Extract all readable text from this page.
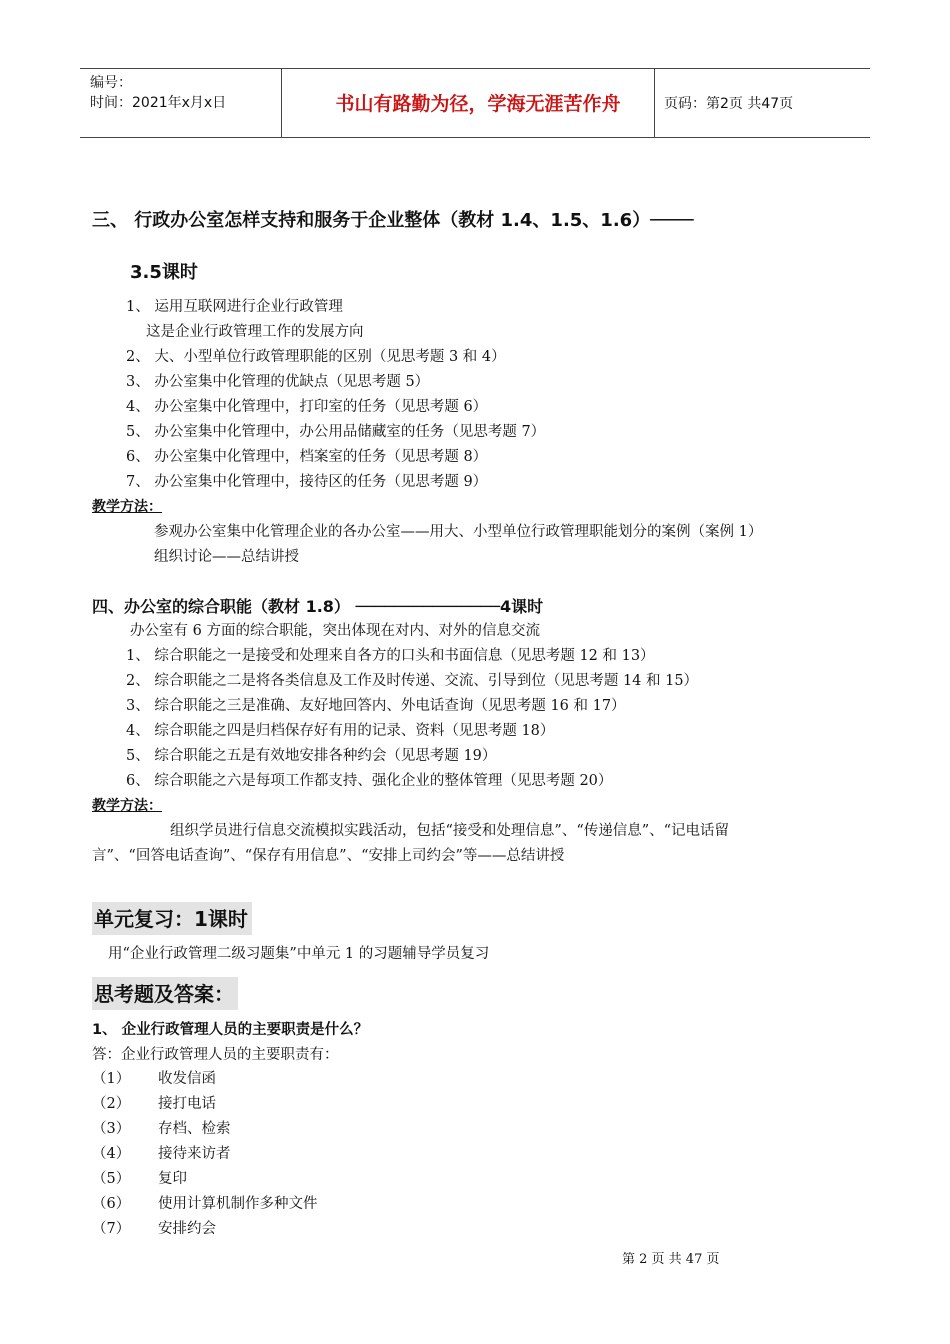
编号：
时间：2021年x月x日	书山有路勤为径，学海无涯苦作舟	页码：第2页 共47页
三、 行政办公室怎样支持和服务于企业整体（教材 1.4、1.5、1.6）────
3.5课时
1、 运用互联网进行企业行政管理
这是企业行政管理工作的发展方向
2、 大、小型单位行政管理职能的区别（见思考题 3 和 4）
3、 办公室集中化管理的优缺点（见思考题 5）
4、 办公室集中化管理中，打印室的任务（见思考题 6）
5、 办公室集中化管理中，办公用品储藏室的任务（见思考题 7）
6、 办公室集中化管理中，档案室的任务（见思考题 8）
7、 办公室集中化管理中，接待区的任务（见思考题 9）
教学方法：
参观办公室集中化管理企业的各办公室——用大、小型单位行政管理职能划分的案例（案例 1）
组织讨论——总结讲授
四、办公室的综合职能（教材 1.8） ───────────────4课时
办公室有 6 方面的综合职能，突出体现在对内、对外的信息交流
1、 综合职能之一是接受和处理来自各方的口头和书面信息（见思考题 12 和 13）
2、 综合职能之二是将各类信息及工作及时传递、交流、引导到位（见思考题 14 和 15）
3、 综合职能之三是准确、友好地回答内、外电话查询（见思考题 16 和 17）
4、 综合职能之四是归档保存好有用的记录、资料（见思考题 18）
5、 综合职能之五是有效地安排各种约会（见思考题 19）
6、 综合职能之六是每项工作都支持、强化企业的整体管理（见思考题 20）
教学方法：
组织学员进行信息交流模拟实践活动，包括“接受和处理信息”、“传递信息”、“记电话留
言”、“回答电话查询”、“保存有用信息”、“安排上司约会”等——总结讲授
单元复习：1课时
用“企业行政管理二级习题集”中单元 1 的习题辅导学员复习
思考题及答案：
1、 企业行政管理人员的主要职责是什么？
答：企业行政管理人员的主要职责有：
（1） 收发信函
（2） 接打电话
（3） 存档、检索
（4） 接待来访者
（5） 复印
（6） 使用计算机制作多种文件
（7） 安排约会
第 2 页 共 47 页
